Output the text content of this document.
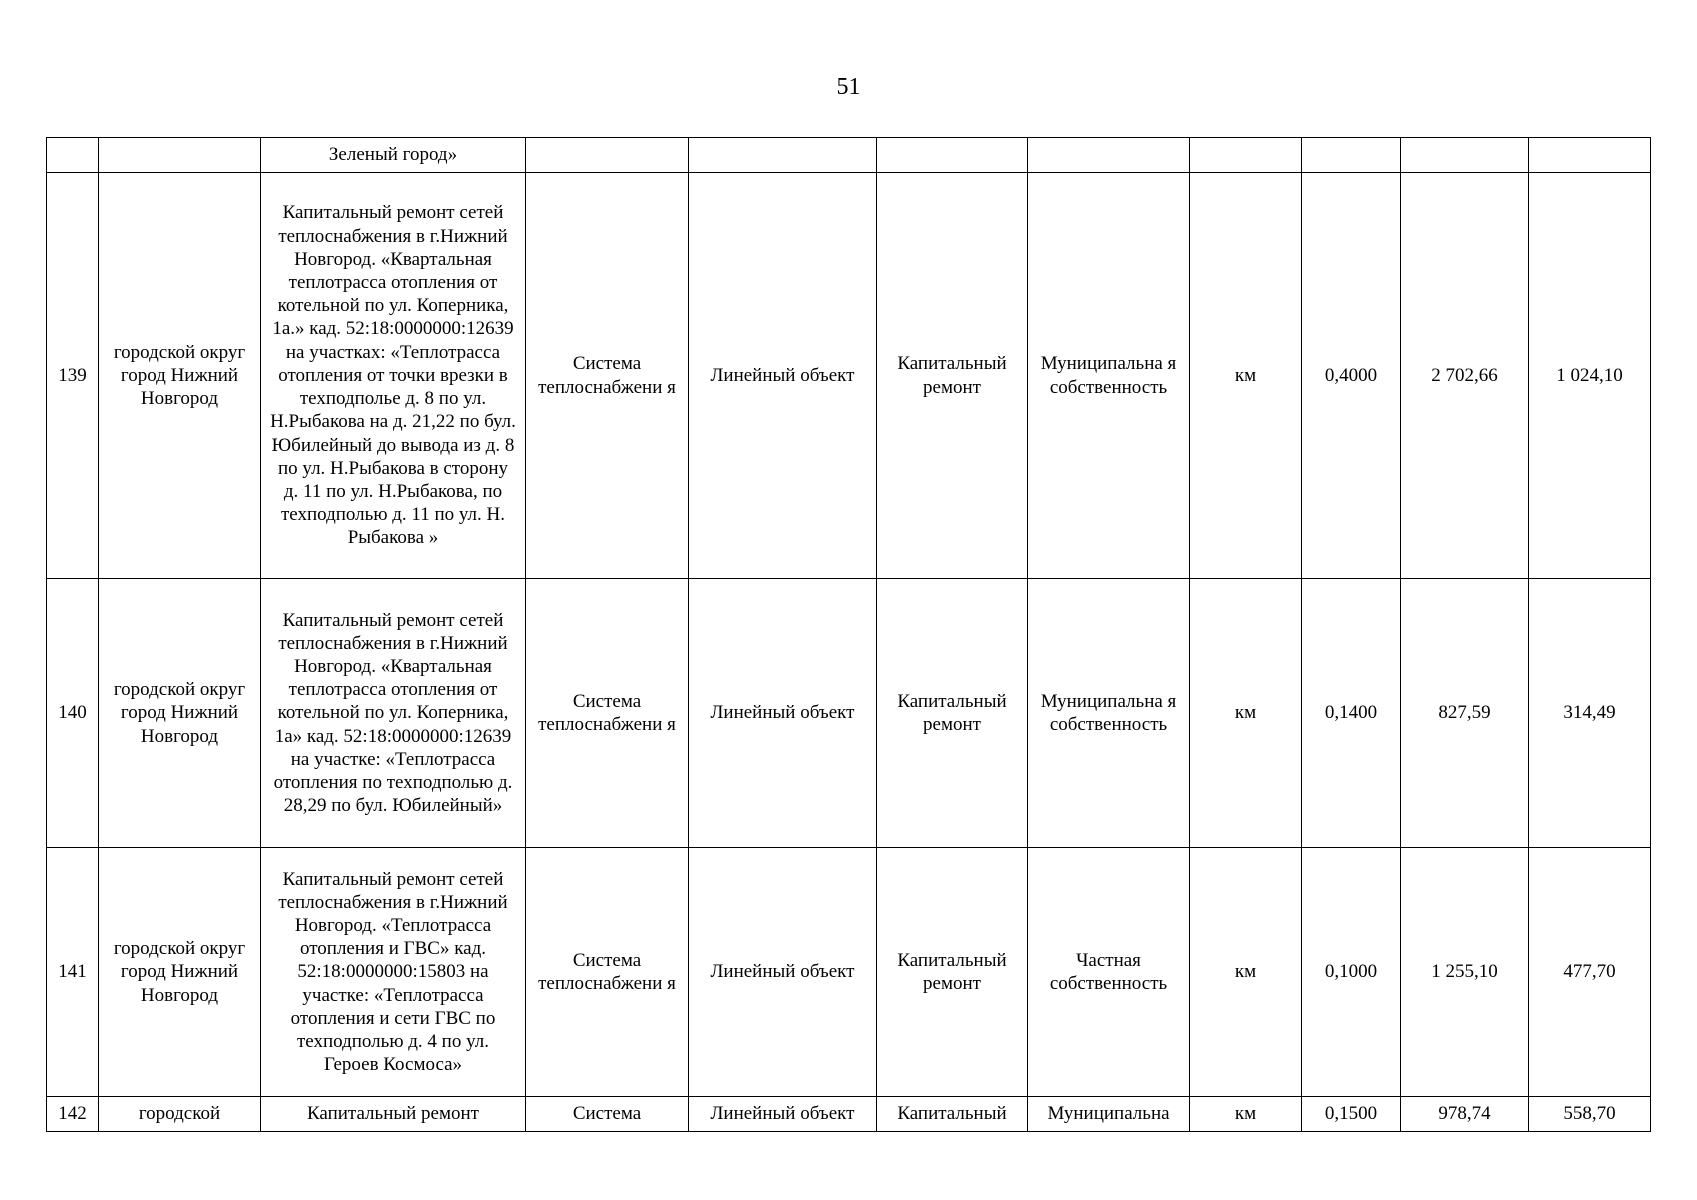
51
		Зеленый город»								
139	городской округ город Нижний Новгород	Капитальный ремонт сетей теплоснабжения в г.Нижний Новгород. «Квартальная теплотрасса отопления от котельной по ул. Коперника, 1а.» кад. 52:18:0000000:12639 на участках: «Теплотрасса отопления от точки врезки в техподполье д. 8 по ул. Н.Рыбакова на д. 21,22 по бул. Юбилейный до вывода из д. 8 по ул. Н.Рыбакова в сторону д. 11 по ул. Н.Рыбакова, по техподполью д. 11 по ул. Н. Рыбакова »	Система теплоснабжени я	Линейный объект	Капитальный ремонт	Муниципальна я собственность	км	0,4000	2 702,66	1 024,10
140	городской округ город Нижний Новгород	Капитальный ремонт сетей теплоснабжения в г.Нижний Новгород. «Квартальная теплотрасса отопления от котельной по ул. Коперника, 1а» кад. 52:18:0000000:12639 на участке: «Теплотрасса отопления по техподполью д. 28,29 по бул. Юбилейный»	Система теплоснабжени я	Линейный объект	Капитальный ремонт	Муниципальна я собственность	км	0,1400	827,59	314,49
141	городской округ город Нижний Новгород	Капитальный ремонт сетей теплоснабжения в г.Нижний Новгород. «Теплотрасса отопления и ГВС» кад. 52:18:0000000:15803 на участке: «Теплотрасса отопления и сети ГВС по техподполью д. 4 по ул. Героев Космоса»	Система теплоснабжени я	Линейный объект	Капитальный ремонт	Частная собственность	км	0,1000	1 255,10	477,70
142	городской	Капитальный ремонт	Система	Линейный объект	Капитальный	Муниципальна	км	0,1500	978,74	558,70
